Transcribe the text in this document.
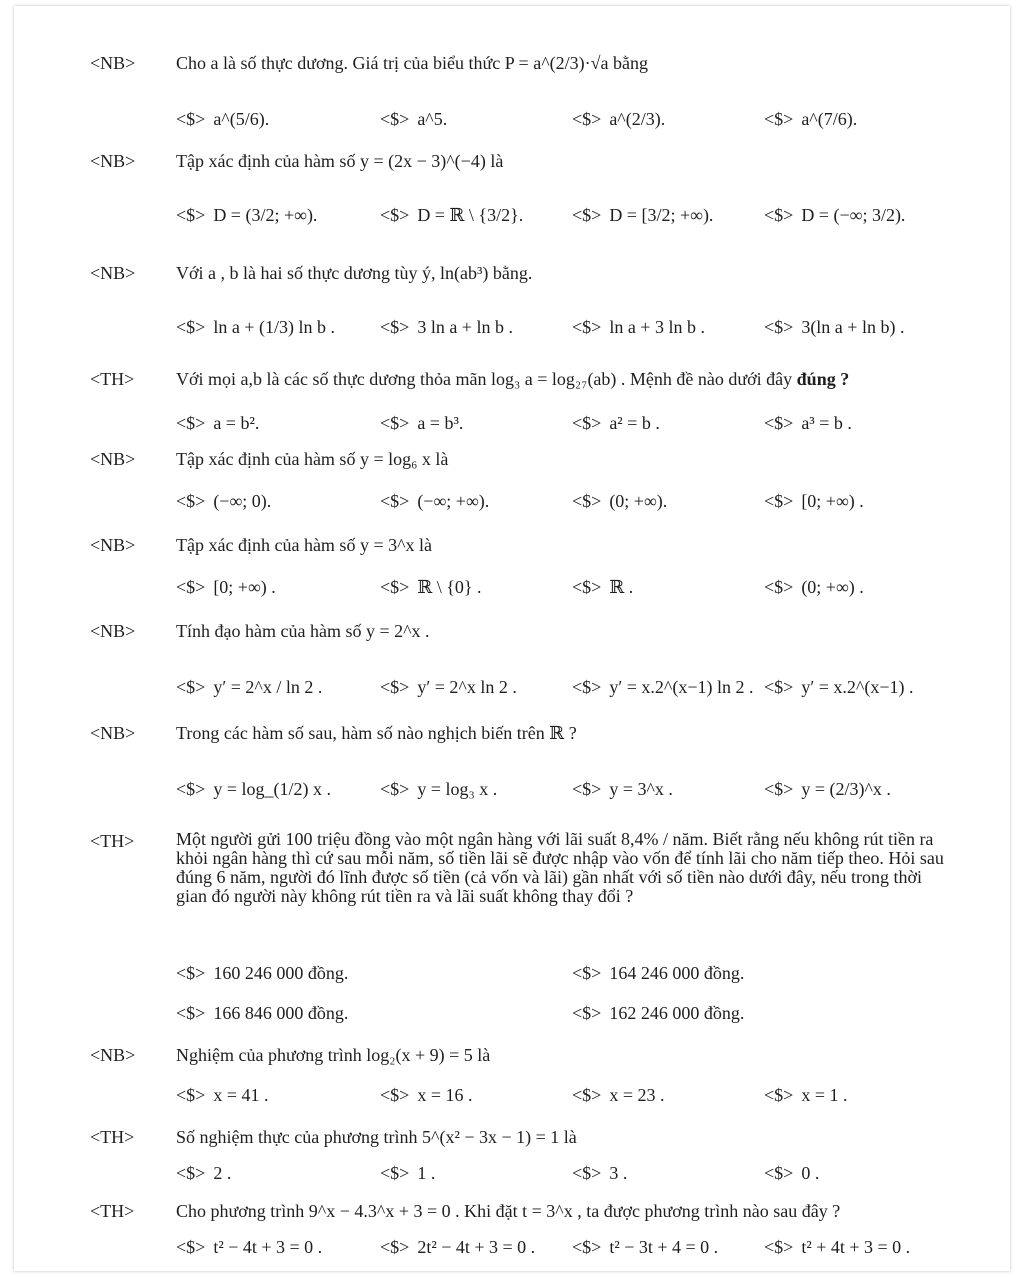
<NB> Cho a là số thực dương. Giá trị của biểu thức P = a^(2/3)·√a bằng
<$> a^(5/6).	<$> a^5.	<$> a^(2/3).	<$> a^(7/6).
<NB> Tập xác định của hàm số y = (2x − 3)^(−4) là
<$> D = (3/2; +∞).	<$> D = ℝ \ {3/2}.	<$> D = [3/2; +∞).	<$> D = (−∞; 3/2).
<NB> Với a , b là hai số thực dương tùy ý, ln(ab³) bằng.
<$> ln a + (1/3) ln b .	<$> 3 ln a + ln b .	<$> ln a + 3 ln b .	<$> 3(ln a + ln b) .
<TH> Với mọi a,b là các số thực dương thỏa mãn log₃ a = log₂₇(ab) . Mệnh đề nào dưới đây đúng ?
<$> a = b².	<$> a = b³.	<$> a² = b .	<$> a³ = b .
<NB> Tập xác định của hàm số y = log₆ x là
<$> (−∞; 0).	<$> (−∞; +∞).	<$> (0; +∞).	<$> [0; +∞) .
<NB> Tập xác định của hàm số y = 3^x là
<$> [0; +∞) .	<$> ℝ \ {0} .	<$> ℝ .	<$> (0; +∞) .
<NB> Tính đạo hàm của hàm số y = 2^x .
<$> y′ = 2^x / ln 2 .	<$> y′ = 2^x ln 2 .	<$> y′ = x.2^(x−1) ln 2 . <$> y′ = x.2^(x−1) .
<NB> Trong các hàm số sau, hàm số nào nghịch biến trên ℝ ?
<$> y = log_(1/2) x .	<$> y = log₃ x .	<$> y = 3^x .	<$> y = (2/3)^x .
<TH> Một người gửi 100 triệu đồng vào một ngân hàng với lãi suất 8,4% / năm. Biết rằng nếu không rút tiền ra khỏi ngân hàng thì cứ sau mỗi năm, số tiền lãi sẽ được nhập vào vốn để tính lãi cho năm tiếp theo. Hỏi sau đúng 6 năm, người đó lĩnh được số tiền (cả vốn và lãi) gần nhất với số tiền nào dưới đây, nếu trong thời gian đó người này không rút tiền ra và lãi suất không thay đổi ?
<$> 160 246 000 đồng.	<$> 164 246 000 đồng.
<$> 166 846 000 đồng.	<$> 162 246 000 đồng.
<NB> Nghiệm của phương trình log₂(x + 9) = 5 là
<$> x = 41 .	<$> x = 16 .	<$> x = 23 .	<$> x = 1 .
<TH> Số nghiệm thực của phương trình 5^(x² − 3x − 1) = 1 là
<$> 2 .	<$> 1 .	<$> 3 .	<$> 0 .
<TH> Cho phương trình 9^x − 4.3^x + 3 = 0 . Khi đặt t = 3^x , ta được phương trình nào sau đây ?
<$> t² − 4t + 3 = 0 .	<$> 2t² − 4t + 3 = 0 . <$> t² − 3t + 4 = 0 .	<$> t² + 4t + 3 = 0 .
